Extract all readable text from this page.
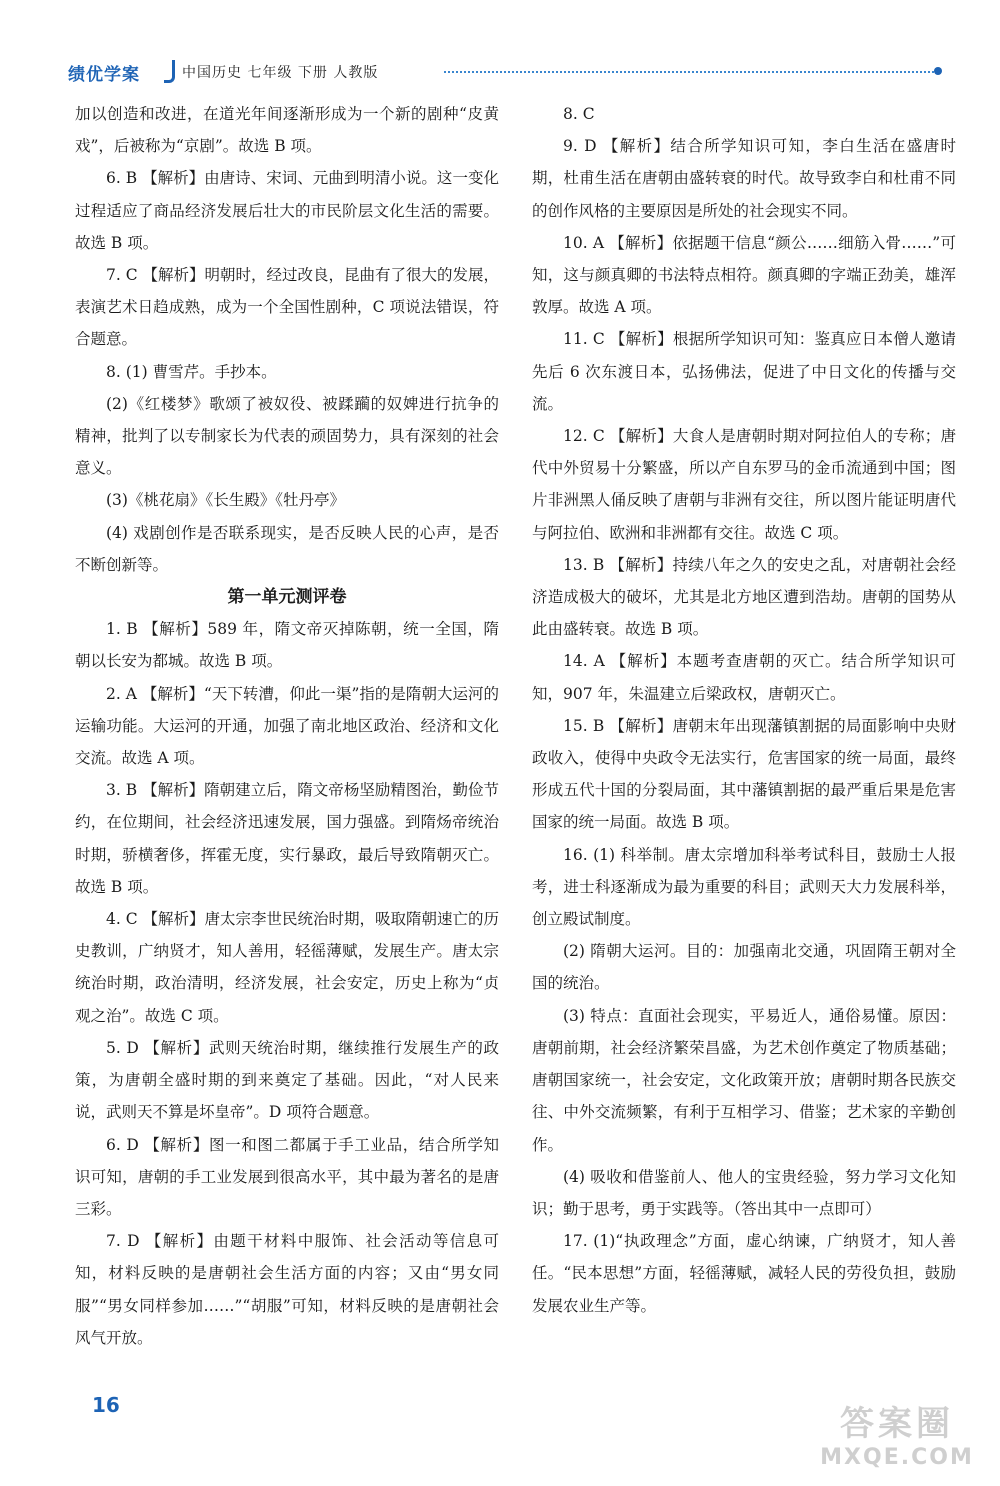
绩优学案	中国历史 七年级 下册 人教版

加以创造和改进，在道光年间逐渐形成为一个新的剧种“皮黄戏”，后被称为“京剧”。故选 B 项。

6. B 【解析】由唐诗、宋词、元曲到明清小说。这一变化过程适应了商品经济发展后壮大的市民阶层文化生活的需要。故选 B 项。

7. C 【解析】明朝时，经过改良，昆曲有了很大的发展，表演艺术日趋成熟，成为一个全国性剧种，C 项说法错误，符合题意。

8. (1) 曹雪芹。手抄本。

(2)《红楼梦》歌颂了被奴役、被蹂躏的奴婢进行抗争的精神，批判了以专制家长为代表的顽固势力，具有深刻的社会意义。

(3)《桃花扇》《长生殿》《牡丹亭》

(4) 戏剧创作是否联系现实，是否反映人民的心声，是否不断创新等。

第一单元测评卷

1. B 【解析】589 年，隋文帝灭掉陈朝，统一全国，隋朝以长安为都城。故选 B 项。

2. A 【解析】“天下转漕，仰此一渠”指的是隋朝大运河的运输功能。大运河的开通，加强了南北地区政治、经济和文化交流。故选 A 项。

3. B 【解析】隋朝建立后，隋文帝杨坚励精图治，勤俭节约，在位期间，社会经济迅速发展，国力强盛。到隋炀帝统治时期，骄横奢侈，挥霍无度，实行暴政，最后导致隋朝灭亡。故选 B 项。

4. C 【解析】唐太宗李世民统治时期，吸取隋朝速亡的历史教训，广纳贤才，知人善用，轻徭薄赋，发展生产。唐太宗统治时期，政治清明，经济发展，社会安定，历史上称为“贞观之治”。故选 C 项。

5. D 【解析】武则天统治时期，继续推行发展生产的政策，为唐朝全盛时期的到来奠定了基础。因此，“对人民来说，武则天不算是坏皇帝”。D 项符合题意。

6. D 【解析】图一和图二都属于手工业品，结合所学知识可知，唐朝的手工业发展到很高水平，其中最为著名的是唐三彩。

7. D 【解析】由题干材料中服饰、社会活动等信息可知，材料反映的是唐朝社会生活方面的内容；又由“男女同服”“男女同样参加……”“胡服”可知，材料反映的是唐朝社会风气开放。

8. C

9. D 【解析】结合所学知识可知，李白生活在盛唐时期，杜甫生活在唐朝由盛转衰的时代。故导致李白和杜甫不同的创作风格的主要原因是所处的社会现实不同。

10. A 【解析】依据题干信息“颜公……细筋入骨……”可知，这与颜真卿的书法特点相符。颜真卿的字端正劲美，雄浑敦厚。故选 A 项。

11. C 【解析】根据所学知识可知：鉴真应日本僧人邀请先后 6 次东渡日本，弘扬佛法，促进了中日文化的传播与交流。

12. C 【解析】大食人是唐朝时期对阿拉伯人的专称；唐代中外贸易十分繁盛，所以产自东罗马的金币流通到中国；图片非洲黑人俑反映了唐朝与非洲有交往，所以图片能证明唐代与阿拉伯、欧洲和非洲都有交往。故选 C 项。

13. B 【解析】持续八年之久的安史之乱，对唐朝社会经济造成极大的破坏，尤其是北方地区遭到浩劫。唐朝的国势从此由盛转衰。故选 B 项。

14. A 【解析】本题考查唐朝的灭亡。结合所学知识可知，907 年，朱温建立后梁政权，唐朝灭亡。

15. B 【解析】唐朝末年出现藩镇割据的局面影响中央财政收入，使得中央政令无法实行，危害国家的统一局面，最终形成五代十国的分裂局面，其中藩镇割据的最严重后果是危害国家的统一局面。故选 B 项。

16. (1) 科举制。唐太宗增加科举考试科目，鼓励士人报考，进士科逐渐成为最为重要的科目；武则天大力发展科举，创立殿试制度。

(2) 隋朝大运河。目的：加强南北交通，巩固隋王朝对全国的统治。

(3) 特点：直面社会现实，平易近人，通俗易懂。原因：唐朝前期，社会经济繁荣昌盛，为艺术创作奠定了物质基础；唐朝国家统一，社会安定，文化政策开放；唐朝时期各民族交往、中外交流频繁，有利于互相学习、借鉴；艺术家的辛勤创作。

(4) 吸收和借鉴前人、他人的宝贵经验，努力学习文化知识；勤于思考，勇于实践等。（答出其中一点即可）

17. (1)“执政理念”方面，虚心纳谏，广纳贤才，知人善任。“民本思想”方面，轻徭薄赋，减轻人民的劳役负担，鼓励发展农业生产等。

16	答案圈
MXQE.COM
